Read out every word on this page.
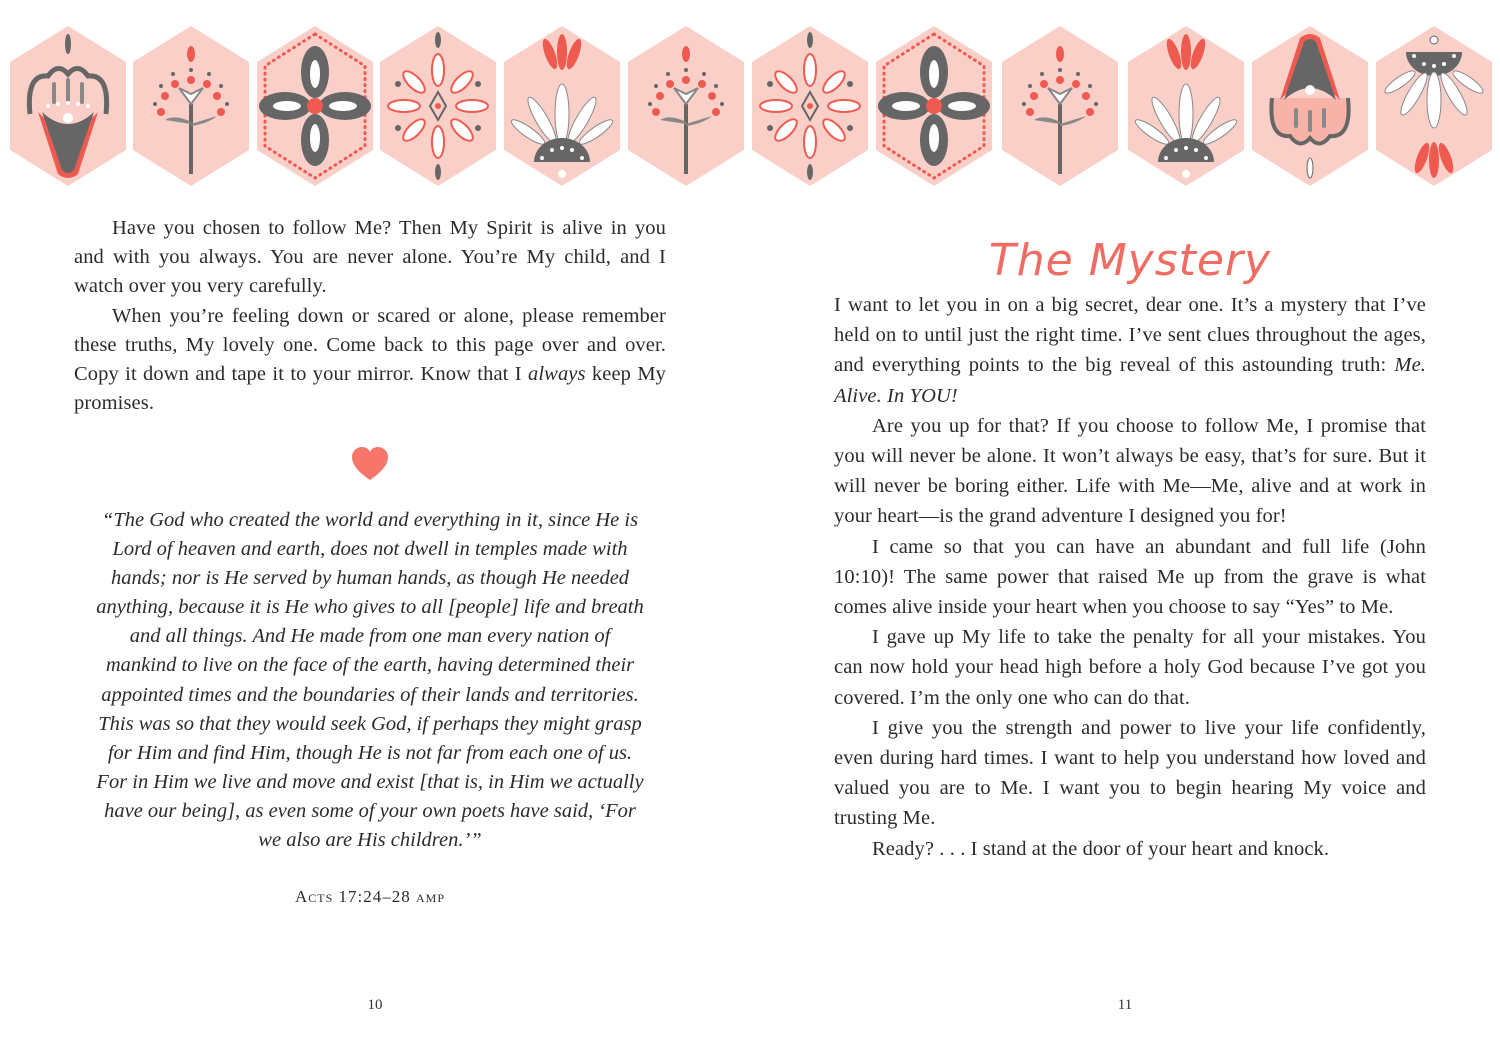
Have you chosen to follow Me? Then My Spirit is alive in you and with you always. You are never alone. You’re My child, and I watch over you very carefully.

When you’re feeling down or scared or alone, please remember these truths, My lovely one. Come back to this page over and over. Copy it down and tape it to your mirror. Know that I always keep My promises.

“The God who created the world and everything in it, since He is Lord of heaven and earth, does not dwell in temples made with hands; nor is He served by human hands, as though He needed anything, because it is He who gives to all [people] life and breath and all things. And He made from one man every nation of mankind to live on the face of the earth, having determined their appointed times and the boundaries of their lands and territories. This was so that they would seek God, if perhaps they might grasp for Him and find Him, though He is not far from each one of us. For in Him we live and move and exist [that is, in Him we actually have our being], as even some of your own poets have said, ‘For we also are His children.’”

Acts 17:24–28 amp
10
The Mystery

I want to let you in on a big secret, dear one. It’s a mystery that I’ve held on to until just the right time. I’ve sent clues throughout the ages, and everything points to the big reveal of this astounding truth: Me. Alive. In YOU!

Are you up for that? If you choose to follow Me, I promise that you will never be alone. It won’t always be easy, that’s for sure. But it will never be boring either. Life with Me—Me, alive and at work in your heart—is the grand adventure I designed you for!

I came so that you can have an abundant and full life (John 10:10)! The same power that raised Me up from the grave is what comes alive inside your heart when you choose to say “Yes” to Me.

I gave up My life to take the penalty for all your mistakes. You can now hold your head high before a holy God because I’ve got you covered. I’m the only one who can do that.

I give you the strength and power to live your life confidently, even during hard times. I want to help you understand how loved and valued you are to Me. I want you to begin hearing My voice and trusting Me.

Ready? . . . I stand at the door of your heart and knock.

11
